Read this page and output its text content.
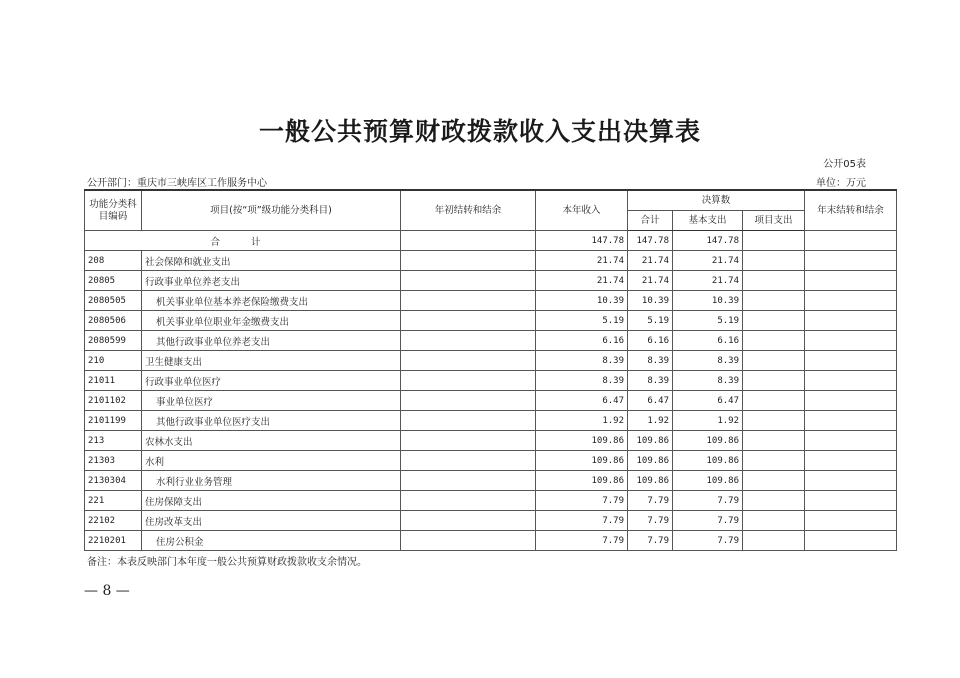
一般公共预算财政拨款收入支出决算表
公开05表
公开部门：重庆市三峡库区工作服务中心	单位：万元
功能分类科目编码	项目(按“项”级功能分类科目)	年初结转和结余	本年收入	决算数			年末结转和结余
				合计	基本支出	项目支出	
合 计			147.78	147.78	147.78		
208	社会保障和就业支出		21.74	21.74	21.74		
20805	行政事业单位养老支出		21.74	21.74	21.74		
2080505	机关事业单位基本养老保险缴费支出		10.39	10.39	10.39		
2080506	机关事业单位职业年金缴费支出		5.19	5.19	5.19		
2080599	其他行政事业单位养老支出		6.16	6.16	6.16		
210	卫生健康支出		8.39	8.39	8.39		
21011	行政事业单位医疗		8.39	8.39	8.39		
2101102	事业单位医疗		6.47	6.47	6.47		
2101199	其他行政事业单位医疗支出		1.92	1.92	1.92		
213	农林水支出		109.86	109.86	109.86		
21303	水利		109.86	109.86	109.86		
2130304	水利行业业务管理		109.86	109.86	109.86		
221	住房保障支出		7.79	7.79	7.79		
22102	住房改革支出		7.79	7.79	7.79		
2210201	住房公积金		7.79	7.79	7.79		
备注：本表反映部门本年度一般公共预算财政拨款收支余情况。
— 8 —
